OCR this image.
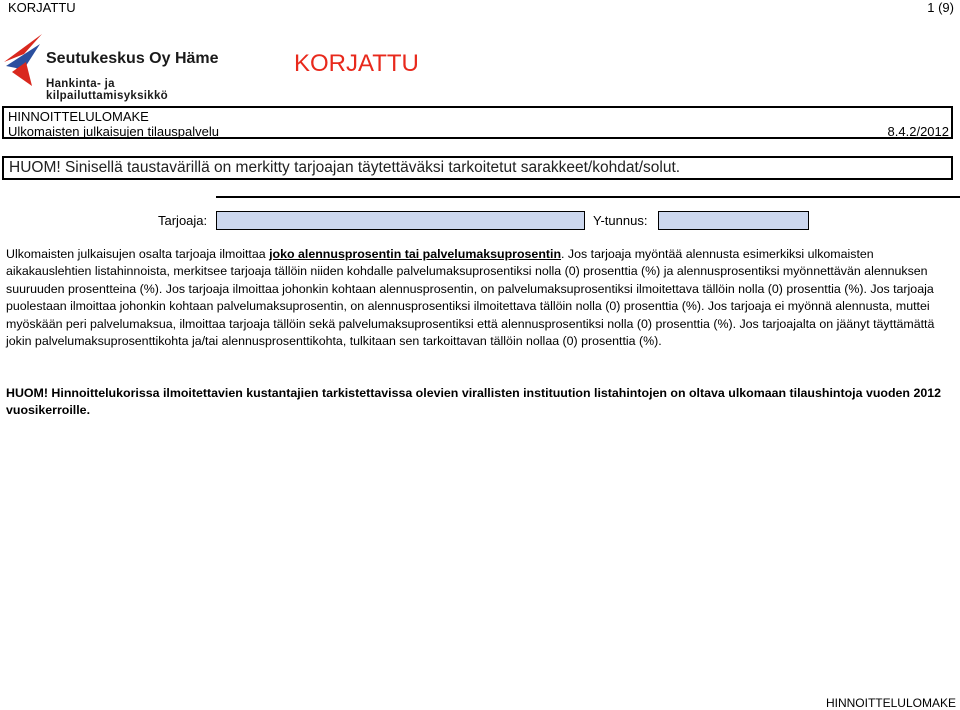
KORJATTU	1 (9)
Seutukeskus Oy Häme
Hankinta- ja kilpailuttamisyksikkö
KORJATTU
HINNOITTELULOMAKE
Ulkomaisten julkaisujen tilauspalvelu	8.4.2/2012
HUOM! Sinisellä taustavärillä on merkitty tarjoajan täytettäväksi tarkoitetut sarakkeet/kohdat/solut.
Tarjoaja:	Y-tunnus:
Ulkomaisten julkaisujen osalta tarjoaja ilmoittaa joko alennusprosentin tai palvelumaksuprosentin. Jos tarjoaja myöntää alennusta esimerkiksi ulkomaisten aikakauslehtien listahinnoista, merkitsee tarjoaja tällöin niiden kohdalle palvelumaksuprosentiksi nolla (0) prosenttia (%) ja alennusprosentiksi myönnettävän alennuksen suuruuden prosentteina (%). Jos tarjoaja ilmoittaa johonkin kohtaan alennusprosentin, on palvelumaksuprosentiksi ilmoitettava tällöin nolla (0) prosenttia (%). Jos tarjoaja puolestaan ilmoittaa johonkin kohtaan palvelumaksuprosentin, on alennusprosentiksi ilmoitettava tällöin nolla (0) prosenttia (%). Jos tarjoaja ei myönnä alennusta, muttei myöskään peri palvelumaksua, ilmoittaa tarjoaja tällöin sekä palvelumaksuprosentiksi että alennusprosentiksi nolla (0) prosenttia (%). Jos tarjoajalta on jäänyt täyttämättä jokin palvelumaksuprosenttikohta ja/tai alennusprosenttikohta, tulkitaan sen tarkoittavan tällöin nollaa (0) prosenttia (%).
HUOM! Hinnoittelukorissa ilmoitettavien kustantajien tarkistettavissa olevien virallisten instituution listahintojen on oltava ulkomaan tilaushintoja vuoden 2012 vuosikerroille.
HINNOITTELULOMAKE
